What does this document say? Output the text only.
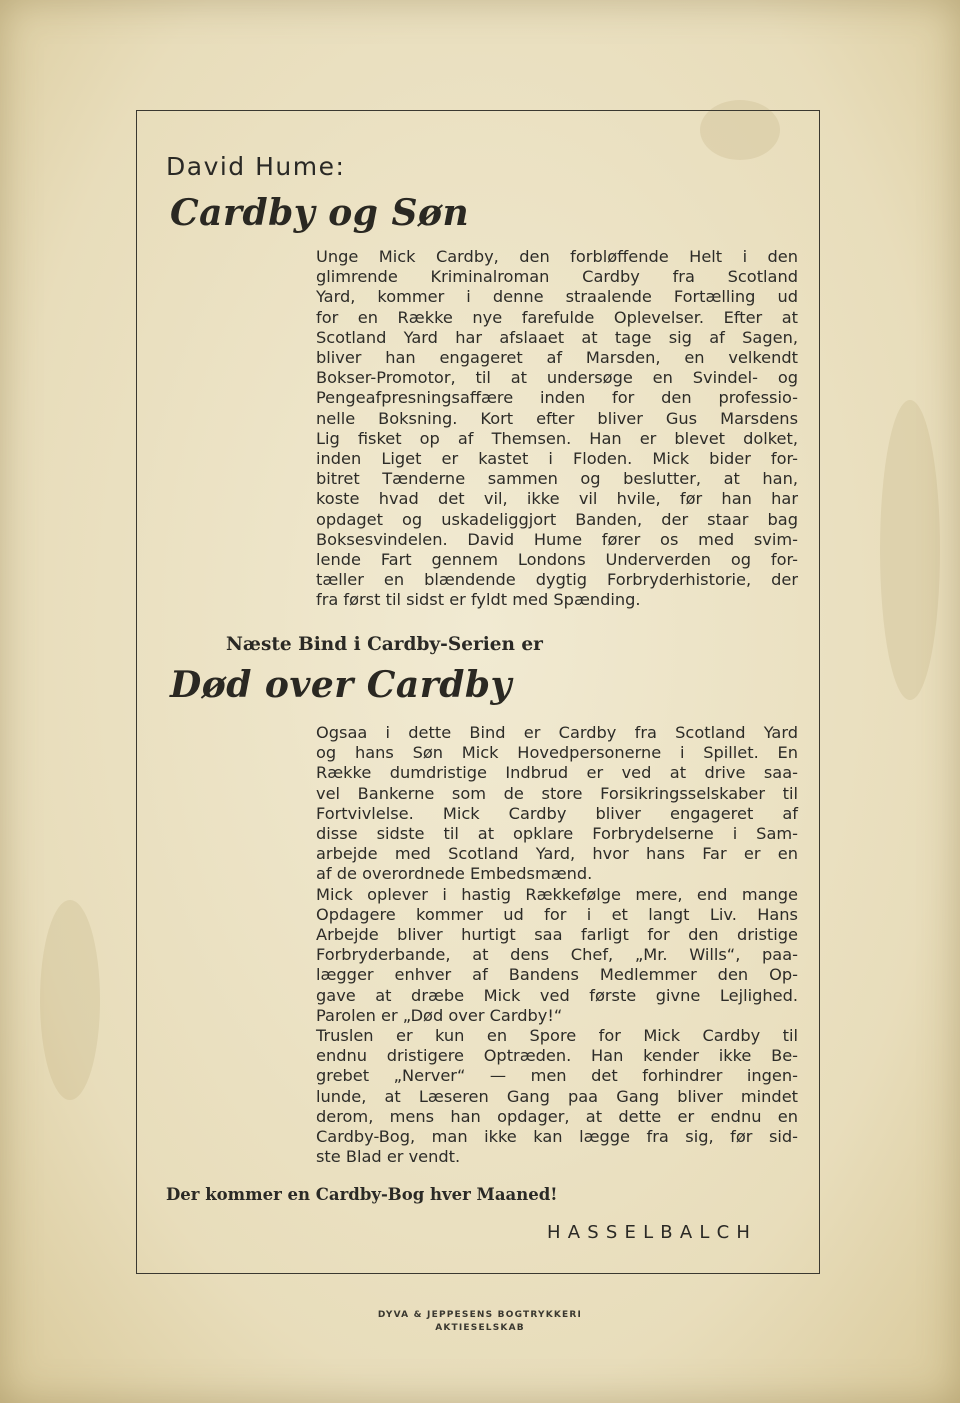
David Hume:
Cardby og Søn
Unge Mick Cardby, den forbløffende Helt i den
glimrende Kriminalroman Cardby fra Scotland
Yard, kommer i denne straalende Fortælling ud
for en Række nye farefulde Oplevelser. Efter at
Scotland Yard har afslaaet at tage sig af Sagen,
bliver han engageret af Marsden, en velkendt
Bokser-Promotor, til at undersøge en Svindel- og
Pengeafpresningsaffære inden for den professio-
nelle Boksning. Kort efter bliver Gus Marsdens
Lig fisket op af Themsen. Han er blevet dolket,
inden Liget er kastet i Floden. Mick bider for-
bitret Tænderne sammen og beslutter, at han,
koste hvad det vil, ikke vil hvile, før han har
opdaget og uskadeliggjort Banden, der staar bag
Boksesvindelen. David Hume fører os med svim-
lende Fart gennem Londons Underverden og for-
tæller en blændende dygtig Forbryderhistorie, der
fra først til sidst er fyldt med Spænding.
Næste Bind i Cardby-Serien er
Død over Cardby
Ogsaa i dette Bind er Cardby fra Scotland Yard
og hans Søn Mick Hovedpersonerne i Spillet. En
Række dumdristige Indbrud er ved at drive saa-
vel Bankerne som de store Forsikringsselskaber til
Fortvivlelse. Mick Cardby bliver engageret af
disse sidste til at opklare Forbrydelserne i Sam-
arbejde med Scotland Yard, hvor hans Far er en
af de overordnede Embedsmænd.
Mick oplever i hastig Rækkefølge mere, end mange
Opdagere kommer ud for i et langt Liv. Hans
Arbejde bliver hurtigt saa farligt for den dristige
Forbryderbande, at dens Chef, „Mr. Wills“, paa-
lægger enhver af Bandens Medlemmer den Op-
gave at dræbe Mick ved første givne Lejlighed.
Parolen er „Død over Cardby!“
Truslen er kun en Spore for Mick Cardby til
endnu dristigere Optræden. Han kender ikke Be-
grebet „Nerver“ — men det forhindrer ingen-
lunde, at Læseren Gang paa Gang bliver mindet
derom, mens han opdager, at dette er endnu en
Cardby-Bog, man ikke kan lægge fra sig, før sid-
ste Blad er vendt.
Der kommer en Cardby-Bog hver Maaned!
HASSELBALCH
DYVA & JEPPESENS BOGTRYKKERI
AKTIESELSKAB
